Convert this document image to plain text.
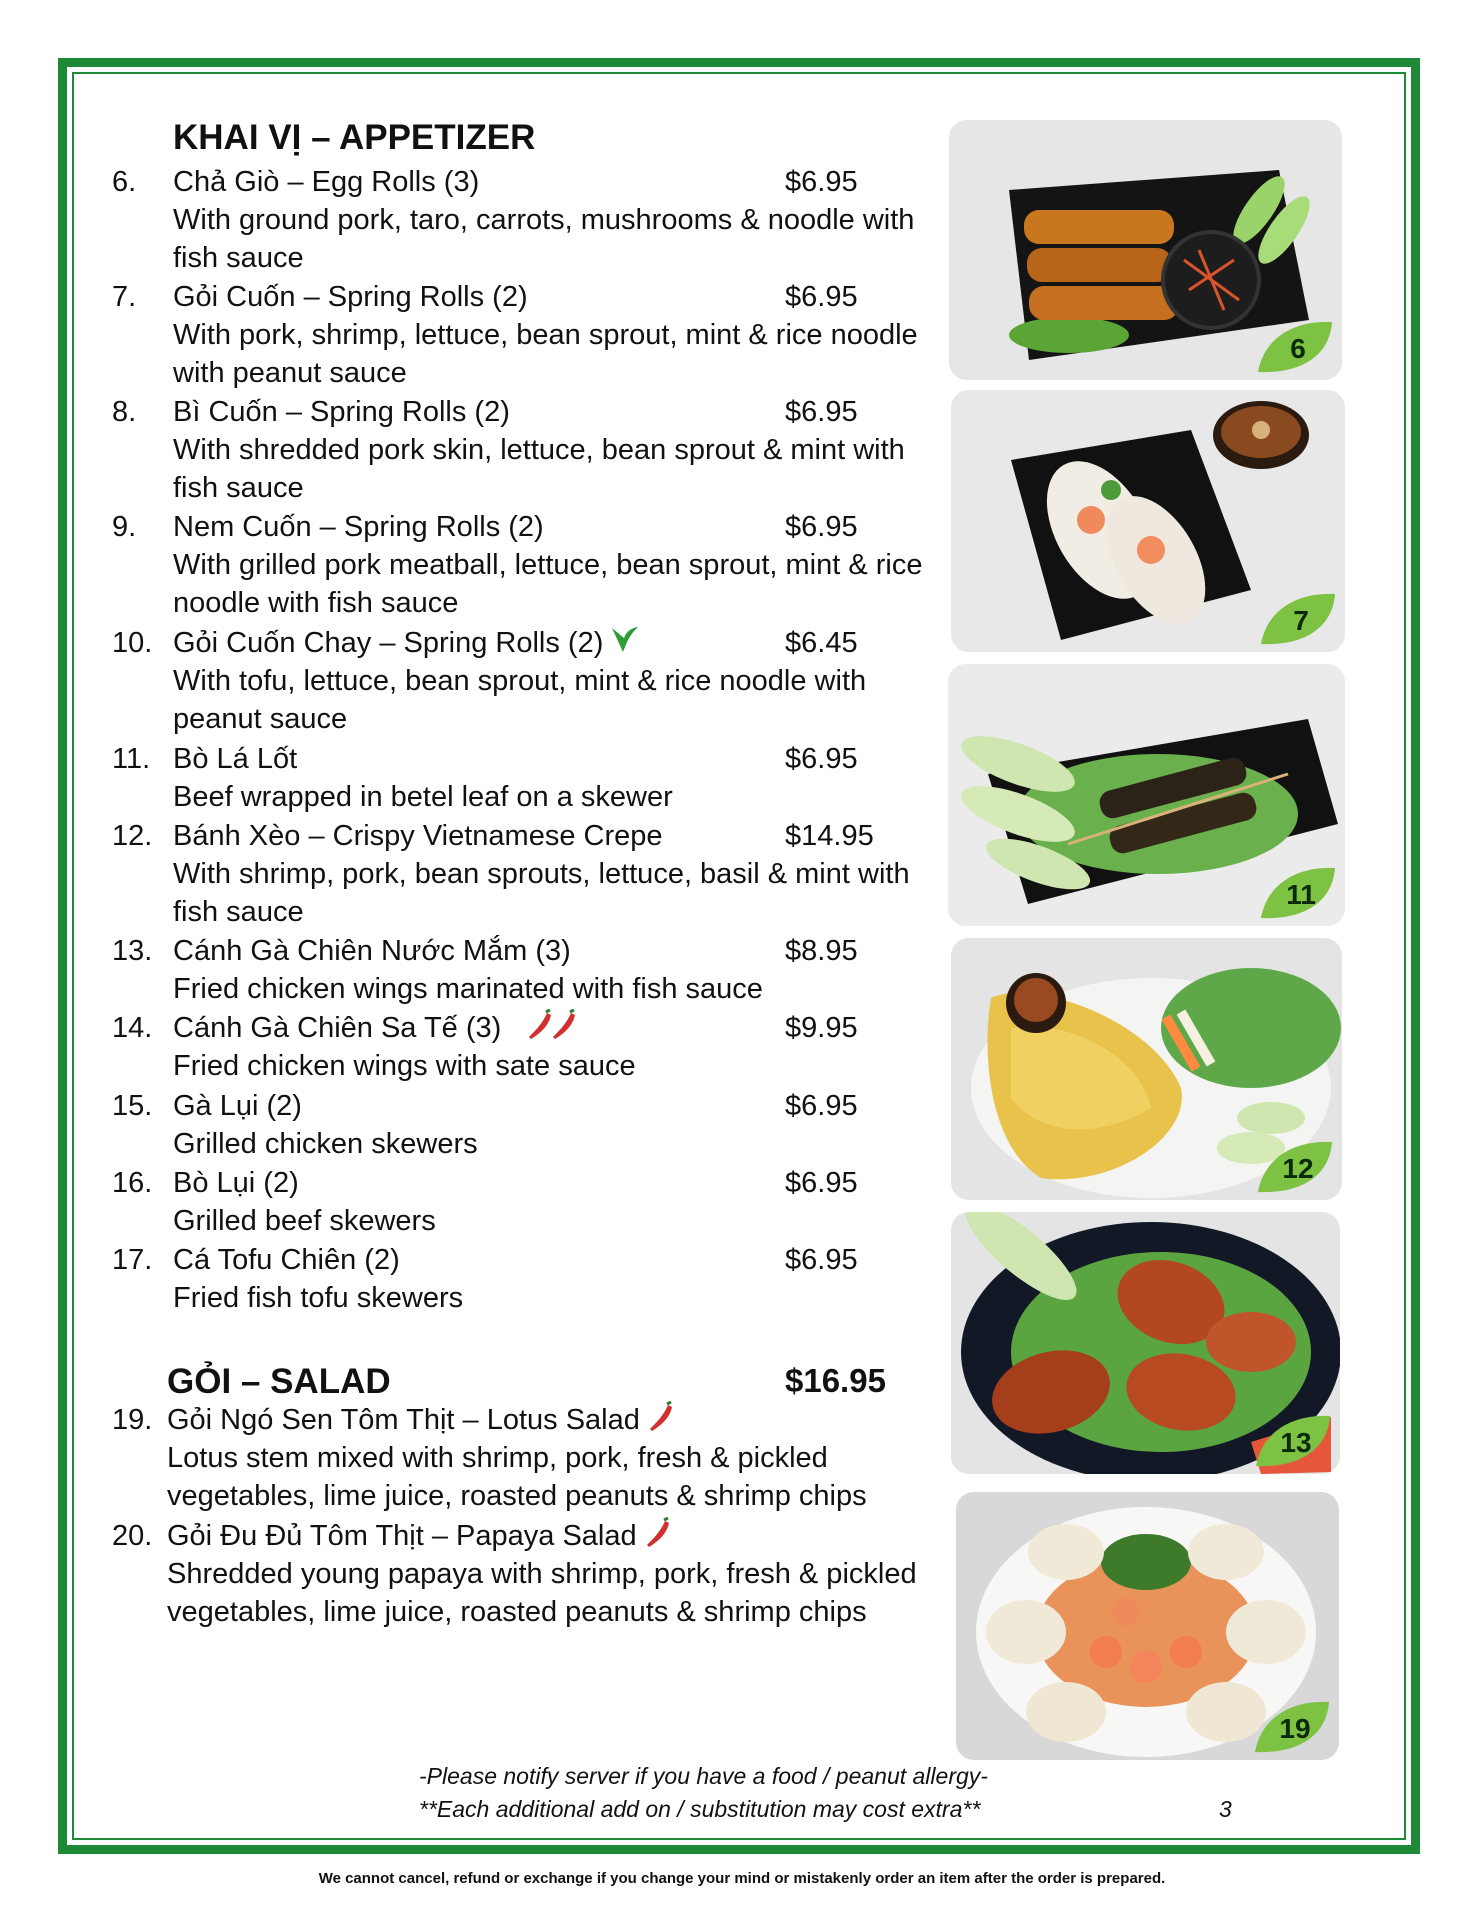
KHAI VỊ – APPETIZER
6. Chả Giò – Egg Rolls (3)	$6.95
With ground pork, taro, carrots, mushrooms & noodle with
fish sauce
7. Gỏi Cuốn – Spring Rolls (2)	$6.95
With pork, shrimp, lettuce, bean sprout, mint & rice noodle
with peanut sauce
8. Bì Cuốn – Spring Rolls (2)	$6.95
With shredded pork skin, lettuce, bean sprout & mint with
fish sauce
9. Nem Cuốn – Spring Rolls (2)	$6.95
With grilled pork meatball, lettuce, bean sprout, mint & rice
noodle with fish sauce
10. Gỏi Cuốn Chay – Spring Rolls (2)	$6.45
With tofu, lettuce, bean sprout, mint & rice noodle with
peanut sauce
11. Bò Lá Lốt	$6.95
Beef wrapped in betel leaf on a skewer
12. Bánh Xèo – Crispy Vietnamese Crepe	$14.95
With shrimp, pork, bean sprouts, lettuce, basil & mint with
fish sauce
13. Cánh Gà Chiên Nước Mắm (3)	$8.95
Fried chicken wings marinated with fish sauce
14. Cánh Gà Chiên Sa Tế (3)	$9.95
Fried chicken wings with sate sauce
15. Gà Lụi (2)	$6.95
Grilled chicken skewers
16. Bò Lụi (2)	$6.95
Grilled beef skewers
17. Cá Tofu Chiên (2)	$6.95
Fried fish tofu skewers
GỎI – SALAD	$16.95
19. Gỏi Ngó Sen Tôm Thịt – Lotus Salad
Lotus stem mixed with shrimp, pork, fresh & pickled
vegetables, lime juice, roasted peanuts & shrimp chips
20. Gỏi Đu Đủ Tôm Thịt – Papaya Salad
Shredded young papaya with shrimp, pork, fresh & pickled
vegetables, lime juice, roasted peanuts & shrimp chips
6
7
11
12
13
19
-Please notify server if you have a food / peanut allergy-
**Each additional add on / substitution may cost extra**	3
We cannot cancel, refund or exchange if you change your mind or mistakenly order an item after the order is prepared.
